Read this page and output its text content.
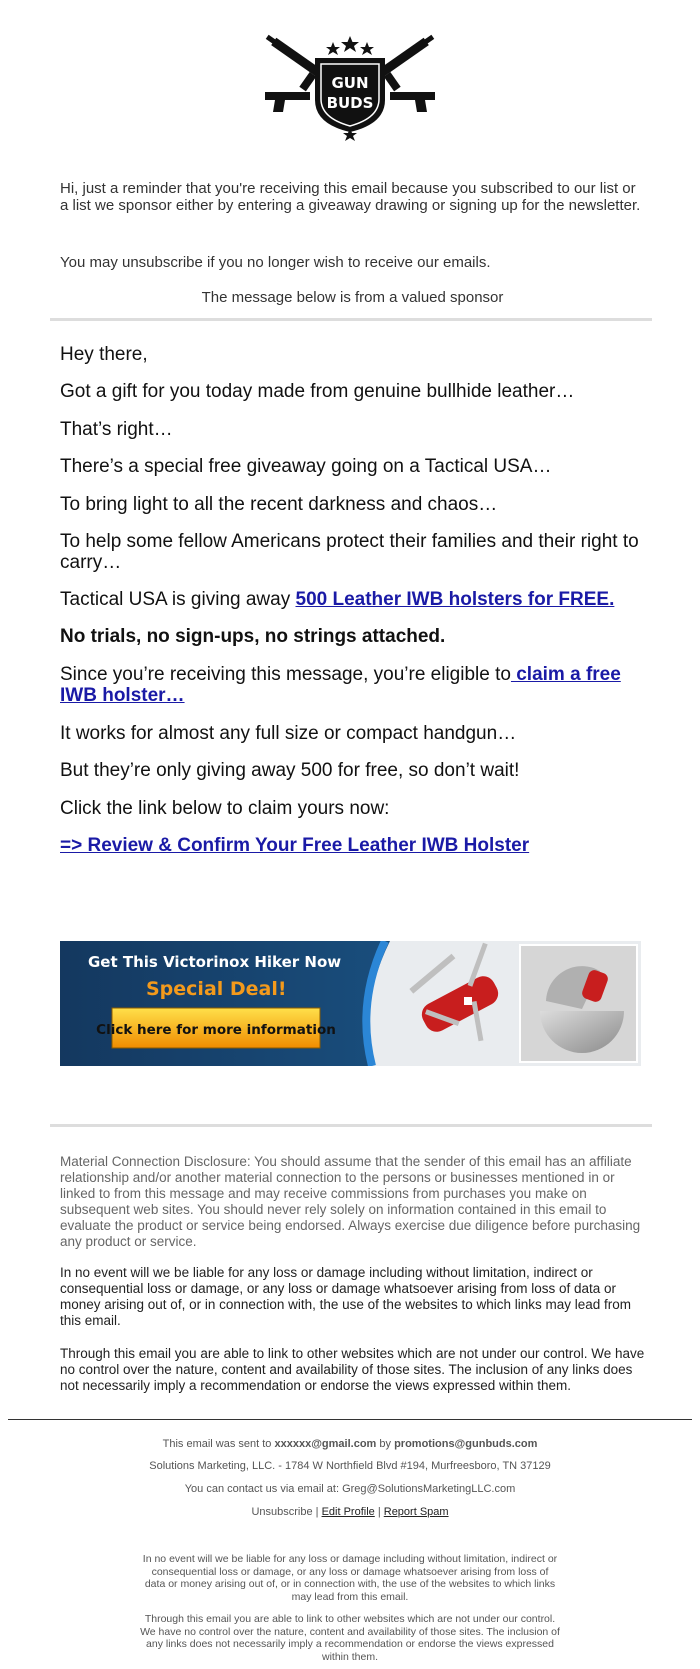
GUN
BUDS
Hi, just a reminder that you're receiving this email because you subscribed to our list or a list we sponsor either by entering a giveaway drawing or signing up for the newsletter.
You may unsubscribe if you no longer wish to receive our emails.
The message below is from a valued sponsor
Hey there,
Got a gift for you today made from genuine bullhide leather…
That’s right…
There’s a special free giveaway going on a Tactical USA…
To bring light to all the recent darkness and chaos…
To help some fellow Americans protect their families and their right to carry…
Tactical USA is giving away 500 Leather IWB holsters for FREE.
No trials, no sign-ups, no strings attached.
Since you’re receiving this message, you’re eligible to claim a free IWB holster…
It works for almost any full size or compact handgun…
But they’re only giving away 500 for free, so don’t wait!
Click the link below to claim yours now:
=> Review & Confirm Your Free Leather IWB Holster
Get This Victorinox Hiker Now
Special Deal!
Click here for more information
Material Connection Disclosure: You should assume that the sender of this email has an affiliate relationship and/or another material connection to the persons or businesses mentioned in or linked to from this message and may receive commissions from purchases you make on subsequent web sites. You should never rely solely on information contained in this email to evaluate the product or service being endorsed. Always exercise due diligence before purchasing any product or service.
In no event will we be liable for any loss or damage including without limitation, indirect or consequential loss or damage, or any loss or damage whatsoever arising from loss of data or money arising out of, or in connection with, the use of the websites to which links may lead from this email.
Through this email you are able to link to other websites which are not under our control. We have no control over the nature, content and availability of those sites. The inclusion of any links does not necessarily imply a recommendation or endorse the views expressed within them.
This email was sent to xxxxxx@gmail.com by promotions@gunbuds.com
Solutions Marketing, LLC. - 1784 W Northfield Blvd #194, Murfreesboro, TN 37129
You can contact us via email at: Greg@SolutionsMarketingLLC.com
Unsubscribe | Edit Profile | Report Spam
In no event will we be liable for any loss or damage including without limitation, indirect or consequential loss or damage, or any loss or damage whatsoever arising from loss of data or money arising out of, or in connection with, the use of the websites to which links may lead from this email.
Through this email you are able to link to other websites which are not under our control. We have no control over the nature, content and availability of those sites. The inclusion of any links does not necessarily imply a recommendation or endorse the views expressed within them.
